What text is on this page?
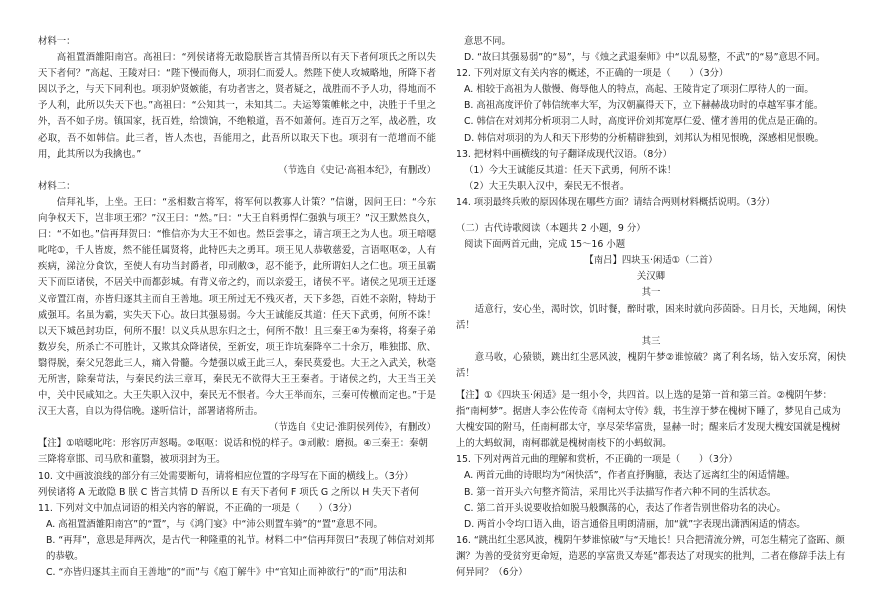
材料一：

高祖置酒雒阳南宫。高祖曰：“列侯诸将无敢隐朕皆言其情吾所以有天下者何项氏之所以失天下者何？”高起、王陵对曰：“陛下慢而侮人，项羽仁而爱人。然陛下使人攻城略地，所降下者因以予之，与天下同利也。项羽妒贤嫉能，有功者害之，贤者疑之，战胜而不予人功，得地而不予人利，此所以失天下也。”高祖曰：“公知其一，未知其二。夫运筹策帷帐之中，决胜于千里之外，吾不如子房。镇国家，抚百姓，给馈饷，不绝粮道，吾不如萧何。连百万之军，战必胜，攻必取，吾不如韩信。此三者，皆人杰也，吾能用之，此吾所以取天下也。项羽有一范增而不能用，此其所以为我擒也。”

（节选自《史记·高祖本纪》，有删改）

材料二：

信拜礼毕，上坐。王曰：“丞相数言将军，将军何以教寡人计策？”信谢，因问王曰：“今东向争权天下，岂非项王邪？”汉王曰：“然。”曰：“大王自料勇悍仁强孰与项王？”汉王默然良久，曰：“不如也。”信再拜贺曰：“惟信亦为大王不如也。然臣尝事之，请言项王之为人也。项王喑噁叱咤①，千人皆废，然不能任属贤将，此特匹夫之勇耳。项王见人恭敬慈爱，言语呕呕②，人有疾病，涕泣分食饮，至使人有功当封爵者，印刓敝③，忍不能予，此所谓妇人之仁也。项王虽霸天下而臣诸侯，不居关中而都彭城。有背义帝之约，而以亲爱王，诸侯不平。诸侯之见项王迁逐义帝置江南，亦皆归逐其主而自王善地。项王所过无不残灭者，天下多怨，百姓不亲附，特劫于威强耳。名虽为霸，实失天下心。故曰其强易弱。今大王诚能反其道：任天下武勇，何所不诛！以天下城邑封功臣，何所不服！以义兵从思东归之士，何所不散！且三秦王④为秦将，将秦子弟数岁矣，所杀亡不可胜计，又欺其众降诸侯，至新安，项王诈坑秦降卒二十余万，唯独邯、欣、翳得脱，秦父兄怨此三人，痛入骨髓。今楚强以威王此三人，秦民莫爱也。大王之入武关，秋毫无所害，除秦苛法，与秦民约法三章耳，秦民无不欲得大王王秦者。于诸侯之约，大王当王关中，关中民咸知之。大王失职入汉中，秦民无不恨者。今大王举而东，三秦可传檄而定也。”于是汉王大喜，自以为得信晚。遂听信计，部署诸将所击。

（节选自《史记·淮阴侯列传》，有删改）

【注】①喑噁叱咤：形容厉声怒喝。②呕呕：说话和悦的样子。③刓敝：磨损。④三秦王：秦朝三降将章邯、司马欣和董翳，被项羽封为王。

10. 文中画波浪线的部分有三处需要断句，请将相应位置的字母写在下面的横线上。（3分）

列侯诸将 A 无敢隐 B 朕 C 皆言其情 D 吾所以 E 有天下者何 F 项氏 G 之所以 H 失天下者何

11. 下列对文中加点词语的相关内容的解说，不正确的一项是（　　）（3分）

A. 高祖置酒雒阳南宫”的“置”，与《鸿门宴》中“沛公则置车骑”的“置”意思不同。

B. “再拜”，意思是拜两次，是古代一种隆重的礼节。材料二中“信再拜贺曰”表现了韩信对刘邦的恭敬。

C. “亦皆归逐其主而自王善地”的“而”与《庖丁解牛》中“官知止而神欲行”的“而”用法和

意思不同。

D. “故曰其强易弱”的“易”，与《烛之武退秦师》中“以乱易整，不武”的“易”意思不同。

12. 下列对原文有关内容的概述，不正确的一项是（　　）（3分）

A. 相较于高祖为人傲慢、侮辱他人的特点，高起、王陵肯定了项羽仁厚待人的一面。

B. 高祖高度评价了韩信统率大军，为汉朝赢得天下，立下赫赫战功时的卓越军事才能。

C. 韩信在对刘邦分析项羽二人时，高度评价刘邦宽厚仁爱、懂才善用的优点是正确的。

D. 韩信对项羽的为人和天下形势的分析精辟独到，刘邦认为相见恨晚，深感相见恨晚。

13. 把材料中画横线的句子翻译成现代汉语。（8分）

（1）今大王诚能反其道：任天下武勇，何所不诛！

（2）大王失职入汉中，秦民无不恨者。

14. 项羽最终兵败的原因体现在哪些方面？请结合两则材料概括说明。（3分）

（二）古代诗歌阅读（本题共 2 小题，9 分）

阅读下面两首元曲，完成 15～16 小题

【南吕】四块玉·闲适①（二首）

关汉卿

其一

适意行，安心坐，渴时饮，饥时餐，醉时歌，困来时就向莎茵卧。日月长，天地阔，闲快活！

其三

意马收，心猿锁，跳出红尘恶风波，槐阴午梦②谁惊破？离了利名场，钻入安乐窝，闲快活！

【注】①《四块玉·闲适》是一组小令，共四首。以上选的是第一首和第三首。②槐阴午梦：指“南柯梦”。据唐人李公佐传奇《南柯太守传》载，书生淳于梦在槐树下睡了，梦见自己成为大槐安国的附马，任南柯郡太守，享尽荣华富贵，显赫一时；醒来后才发现大槐安国就是槐树上的大蚂蚁洞，南柯郡就是槐树南枝下的小蚂蚁洞。

15. 下列对两首元曲的理解和赏析，不正确的一项是（　　）（3分）

A. 两首元曲的诗眼均为“闲快活”，作者直抒胸臆，表达了远离红尘的闲适情趣。

B. 第一首开头六句整齐简洁，采用比兴手法描写作者六种不同的生活状态。

C. 第二首开头说要收拾如脱马般飘荡的心，表达了作者告别世俗功名的决心。

D. 两首小令均口语入曲，语言通俗且明朗清丽，加“就”字表现出潇洒闲适的情态。

16. “跳出红尘恶风波，槐阴午梦谁惊破”与“天地长！只合把清流分辨，可怎生精完了盗跖、颜渊？为善的受贫穷更命短，造恶的享富贵又寿延”都表达了对现实的批判，二者在修辞手法上有何异同？（6分）
